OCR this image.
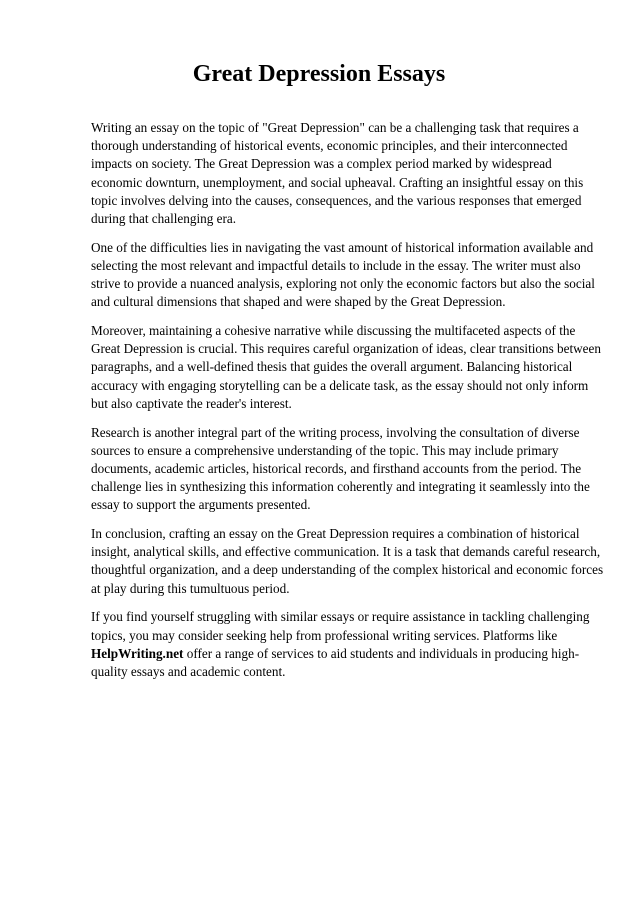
Great Depression Essays

Writing an essay on the topic of "Great Depression" can be a challenging task that requires a
thorough understanding of historical events, economic principles, and their interconnected
impacts on society. The Great Depression was a complex period marked by widespread
economic downturn, unemployment, and social upheaval. Crafting an insightful essay on this
topic involves delving into the causes, consequences, and the various responses that emerged
during that challenging era.

One of the difficulties lies in navigating the vast amount of historical information available and
selecting the most relevant and impactful details to include in the essay. The writer must also
strive to provide a nuanced analysis, exploring not only the economic factors but also the social
and cultural dimensions that shaped and were shaped by the Great Depression.

Moreover, maintaining a cohesive narrative while discussing the multifaceted aspects of the
Great Depression is crucial. This requires careful organization of ideas, clear transitions between
paragraphs, and a well-defined thesis that guides the overall argument. Balancing historical
accuracy with engaging storytelling can be a delicate task, as the essay should not only inform
but also captivate the reader's interest.

Research is another integral part of the writing process, involving the consultation of diverse
sources to ensure a comprehensive understanding of the topic. This may include primary
documents, academic articles, historical records, and firsthand accounts from the period. The
challenge lies in synthesizing this information coherently and integrating it seamlessly into the
essay to support the arguments presented.

In conclusion, crafting an essay on the Great Depression requires a combination of historical
insight, analytical skills, and effective communication. It is a task that demands careful research,
thoughtful organization, and a deep understanding of the complex historical and economic forces
at play during this tumultuous period.

If you find yourself struggling with similar essays or require assistance in tackling challenging
topics, you may consider seeking help from professional writing services. Platforms like
HelpWriting.net offer a range of services to aid students and individuals in producing high-
quality essays and academic content.
